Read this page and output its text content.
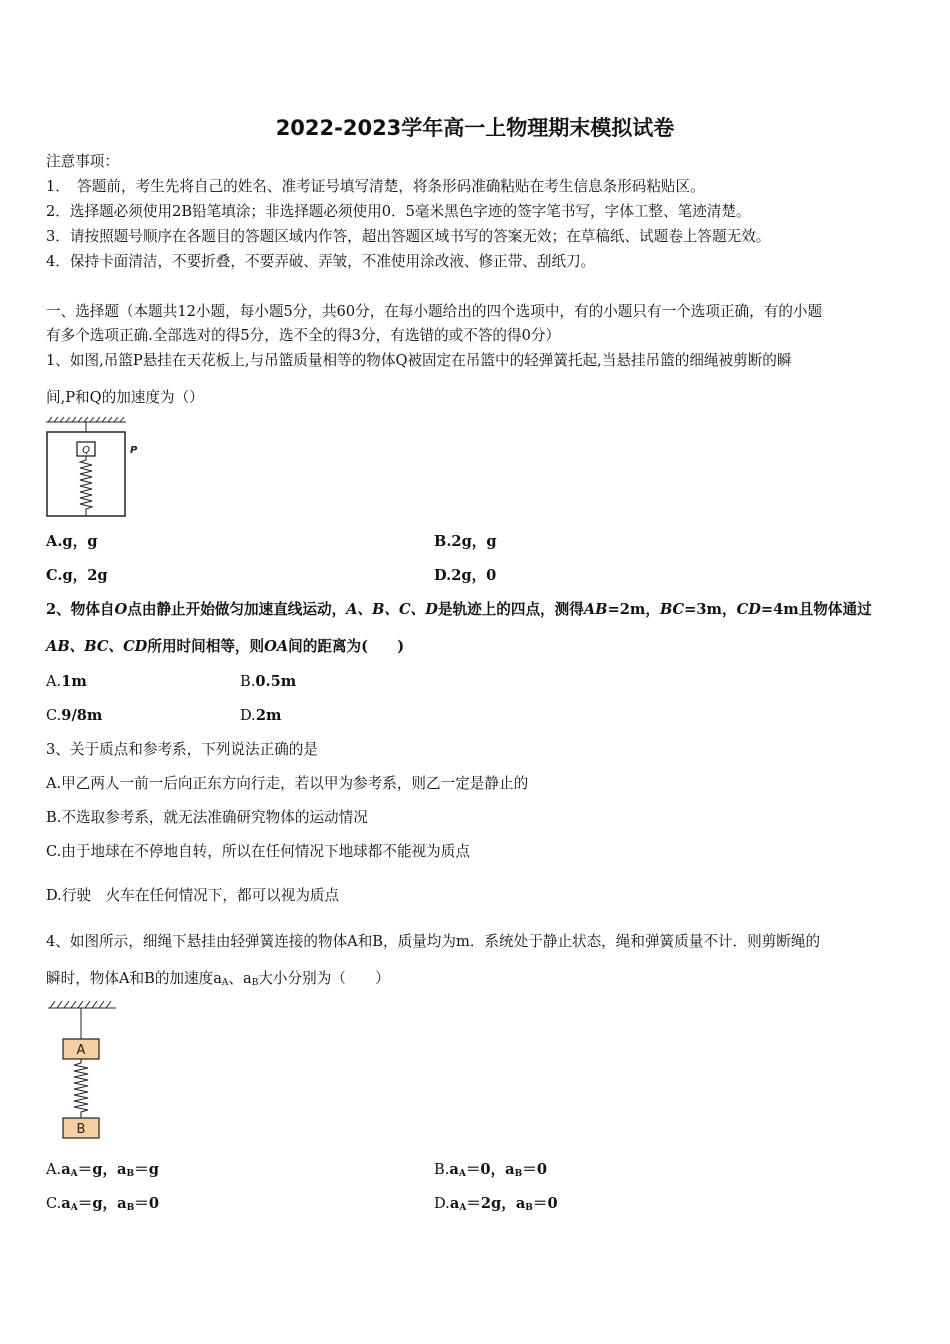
2022-2023学年高一上物理期末模拟试卷
注意事项：
1．　答题前，考生先将自己的姓名、准考证号填写清楚，将条形码准确粘贴在考生信息条形码粘贴区。
2．选择题必须使用2B铅笔填涂；非选择题必须使用0．5毫米黑色字迹的签字笔书写，字体工整、笔迹清楚。
3．请按照题号顺序在各题目的答题区域内作答，超出答题区域书写的答案无效；在草稿纸、试题卷上答题无效。
4．保持卡面清洁，不要折叠，不要弄破、弄皱，不准使用涂改液、修正带、刮纸刀。
一、选择题（本题共12小题，每小题5分，共60分，在每小题给出的四个选项中，有的小题只有一个选项正确，有的小题
有多个选项正确.全部选对的得5分，选不全的得3分，有选错的或不答的得0分）
1、如图,吊篮P悬挂在天花板上,与吊篮质量相等的物体Q被固定在吊篮中的轻弹簧托起,当悬挂吊篮的细绳被剪断的瞬
间,P和Q的加速度为（）
Q	P
A.g，g	B.2g，g
C.g，2g	D.2g，0
2、物体自O点由静止开始做匀加速直线运动，A、B、C、D是轨迹上的四点，测得AB=2m，BC=3m，CD=4m且物体通过
AB、BC、CD所用时间相等，则OA间的距离为(　　)
A.1m	B.0.5m
C.9/8m	D.2m
3、关于质点和参考系，下列说法正确的是
A.甲乙两人一前一后向正东方向行走，若以甲为参考系，则乙一定是静止的
B.不选取参考系，就无法准确研究物体的运动情况
C.由于地球在不停地自转，所以在任何情况下地球都不能视为质点
D.行驶　火车在任何情况下，都可以视为质点
4、如图所示，细绳下悬挂由轻弹簧连接的物体A和B，质量均为m．系统处于静止状态，绳和弹簧质量不计．则剪断绳的
瞬时，物体A和B的加速度$a_A$、$a_B$大小分别为（　　）
A
B
$A.a_A=g$，$a_B=g$	$B.a_A=0$，$a_B=0$
$C.a_A=g$，$a_B=0$	$D.a_A=2g$，$a_B=0$
